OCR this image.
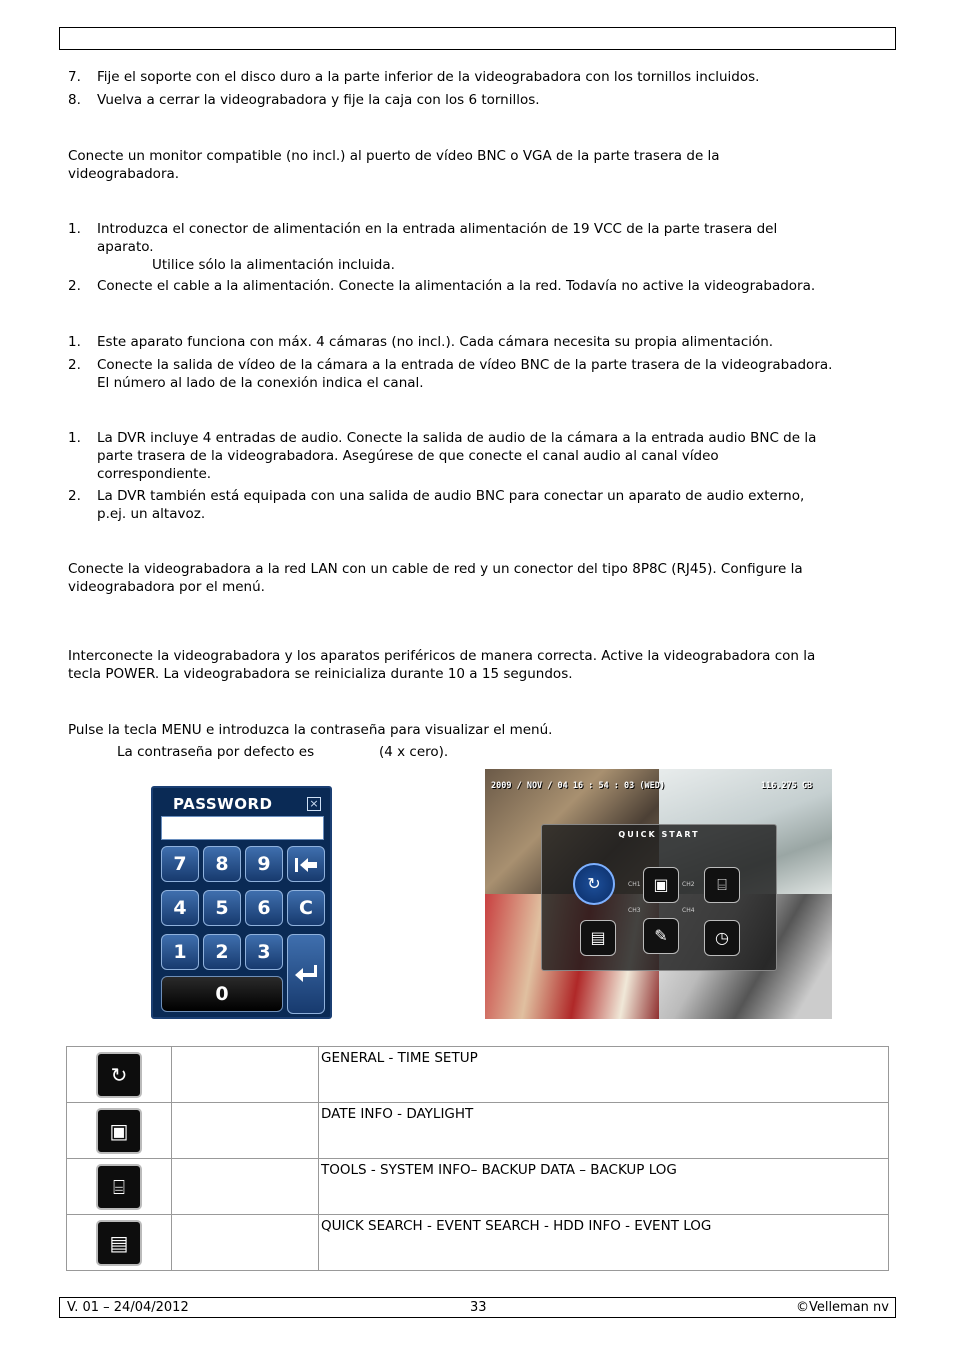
7. Fije el soporte con el disco duro a la parte inferior de la videograbadora con los tornillos incluidos.
8. Vuelva a cerrar la videograbadora y fije la caja con los 6 tornillos.
Conecte un monitor compatible (no incl.) al puerto de vídeo BNC o VGA de la parte trasera de la
videograbadora.
1. Introduzca el conector de alimentación en la entrada alimentación de 19 VCC de la parte trasera del
aparato.
Utilice sólo la alimentación incluida.
2. Conecte el cable a la alimentación. Conecte la alimentación a la red. Todavía no active la videograbadora.
1. Este aparato funciona con máx. 4 cámaras (no incl.). Cada cámara necesita su propia alimentación.
2. Conecte la salida de vídeo de la cámara a la entrada de vídeo BNC de la parte trasera de la videograbadora.
El número al lado de la conexión indica el canal.
1. La DVR incluye 4 entradas de audio. Conecte la salida de audio de la cámara a la entrada audio BNC de la
parte trasera de la videograbadora. Asegúrese de que conecte el canal audio al canal vídeo
correspondiente.
2. La DVR también está equipada con una salida de audio BNC para conectar un aparato de audio externo,
p.ej. un altavoz.
Conecte la videograbadora a la red LAN con un cable de red y un conector del tipo 8P8C (RJ45). Configure la
videograbadora por el menú.
Interconecte la videograbadora y los aparatos periféricos de manera correcta. Active la videograbadora con la
tecla POWER. La videograbadora se reinicializa durante 10 a 15 segundos.
Pulse la tecla MENU e introduzca la contraseña para visualizar el menú.
La contraseña por defecto es	(4 x cero).
PASSWORD	×
7	8	9
4	5	6	C
1	2	3
0
2009 / NOV / 04 16 : 54 : 03 (WED)	116.275 GB
QUICK START
↻	▣	⌸
▤	✎	◷
CH1	CH2
CH3	CH4
↻		GENERAL - TIME SETUP
▣		DATE INFO - DAYLIGHT
⌸		TOOLS - SYSTEM INFO– BACKUP DATA – BACKUP LOG
▤		QUICK SEARCH - EVENT SEARCH - HDD INFO - EVENT LOG
V. 01 – 24/04/2012	33	©Velleman nv
